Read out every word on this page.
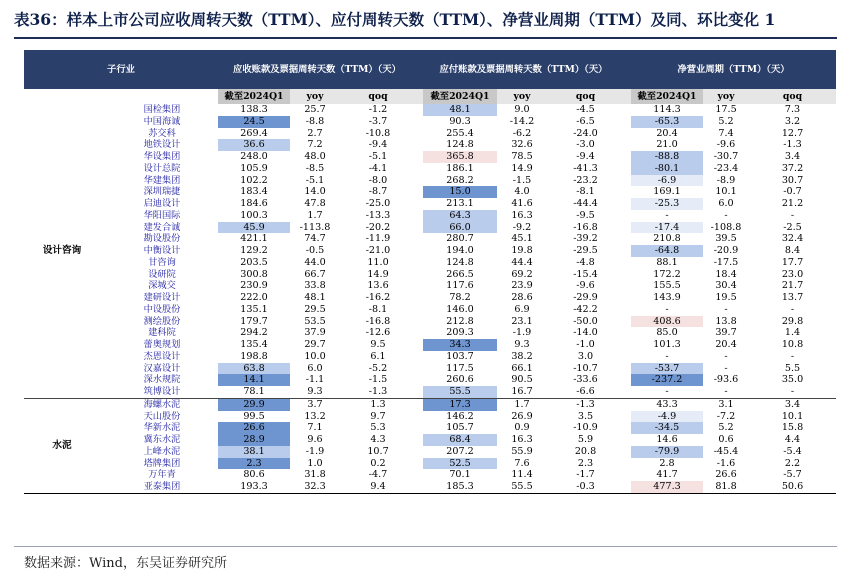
表36：样本上市公司应收周转天数（TTM）、应付周转天数（TTM）、净营业周期（TTM）及同、环比变化 1
子行业			应收账款及票据周转天数（TTM）（天）				应付账款及票据周转天数（TTM）（天）				净营业周期（TTM）（天）		
			截至2024Q1	yoy	qoq		截至2024Q1	yoy	qoq		截至2024Q1	yoy	qoq
设计咨询		国检集团	138.3	25.7	-1.2		48.1	9.0	-4.5		114.3	17.5	7.3
		中国海诚	24.5	-8.8	-3.7		90.3	-14.2	-6.5		-65.3	5.2	3.2
		苏交科	269.4	2.7	-10.8		255.4	-6.2	-24.0		20.4	7.4	12.7
		地铁设计	36.6	7.2	-9.4		124.8	32.6	-3.0		21.0	-9.6	-1.3
		华设集团	248.0	48.0	-5.1		365.8	78.5	-9.4		-88.8	-30.7	3.4
		设计总院	105.9	-8.5	-4.1		186.1	14.9	-41.3		-80.1	-23.4	37.2
		华建集团	102.2	-5.1	-8.0		268.2	-1.5	-23.2		-6.9	-8.9	30.7
		深圳瑞捷	183.4	14.0	-8.7		15.0	4.0	-8.1		169.1	10.1	-0.7
		启迪设计	184.6	47.8	-25.0		213.1	41.6	-44.4		-25.3	6.0	21.2
		华阳国际	100.3	1.7	-13.3		64.3	16.3	-9.5		-	-	-
		建发合诚	45.9	-113.8	-20.2		66.0	-9.2	-16.8		-17.4	-108.8	-2.5
		勘设股份	421.1	74.7	-11.9		280.7	45.1	-39.2		210.8	39.5	32.4
		中衡设计	129.2	-0.5	-21.0		194.0	19.8	-29.5		-64.8	-20.9	8.4
		甘咨询	203.5	44.0	11.0		124.8	44.4	-4.8		88.1	-17.5	17.7
		设研院	300.8	66.7	14.9		266.5	69.2	-15.4		172.2	18.4	23.0
		深城交	230.9	33.8	13.6		117.6	23.9	-9.6		155.5	30.4	21.7
		建研设计	222.0	48.1	-16.2		78.2	28.6	-29.9		143.9	19.5	13.7
		中设股份	135.1	29.5	-8.1		146.0	6.9	-42.2		-	-	-
		测绘股份	179.7	53.5	-16.8		212.8	23.1	-50.0		408.6	13.8	29.8
		建科院	294.2	37.9	-12.6		209.3	-1.9	-14.0		85.0	39.7	1.4
		蕾奥规划	135.4	29.7	9.5		34.3	9.3	-1.0		101.3	20.4	10.8
		杰恩设计	198.8	10.0	6.1		103.7	38.2	3.0		-	-	-
		汉嘉设计	63.8	6.0	-5.2		117.5	66.1	-10.7		-53.7	-	5.5
		深水规院	14.1	-1.1	-1.5		260.6	90.5	-33.6		-237.2	-93.6	35.0
		筑博设计	78.1	9.3	-1.3		55.5	16.7	-6.6		-	-	-
水泥		海螺水泥	29.9	3.7	1.3		17.3	1.7	-1.3		43.3	3.1	3.4
		天山股份	99.5	13.2	9.7		146.2	26.9	3.5		-4.9	-7.2	10.1
		华新水泥	26.6	7.1	5.3		105.7	0.9	-10.9		-34.5	5.2	15.8
		冀东水泥	28.9	9.6	4.3		68.4	16.3	5.9		14.6	0.6	4.4
		上峰水泥	38.1	-1.9	10.7		207.2	55.9	20.8		-79.9	-45.4	-5.4
		塔牌集团	2.3	1.0	0.2		52.5	7.6	2.3		2.8	-1.6	2.2
		万年青	80.6	31.8	-4.7		70.1	11.4	-1.7		41.7	26.6	-5.7
		亚泰集团	193.3	32.3	9.4		185.3	55.5	-0.3		477.3	81.8	50.6
数据来源：Wind，东吴证券研究所
